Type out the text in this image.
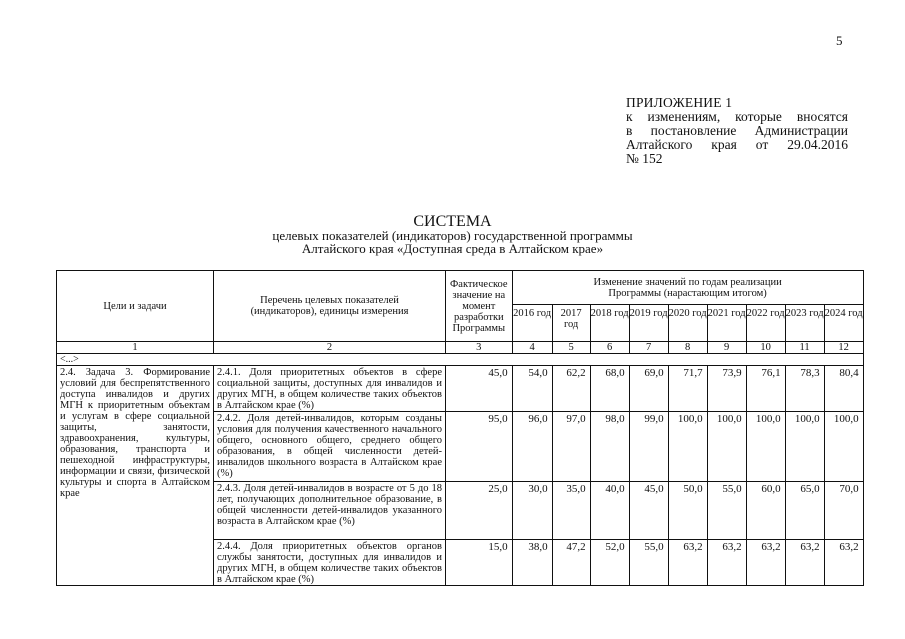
5
ПРИЛОЖЕНИЕ 1
к изменениям, которые вносятся
в постановление Администрации
Алтайского края от 29.04.2016
№ 152
СИСТЕМА
целевых показателей (индикаторов) государственной программы
Алтайского края «Доступная среда в Алтайском крае»
Цели и задачи	Перечень целевых показателей (индикаторов), единицы измерения	Фактическое значение на момент разработки Программы	Изменение значений по годам реализации Программы (нарастающим итогом)								
			2016 год	2017 год	2018 год	2019 год	2020 год	2021 год	2022 год	2023 год	2024 год
1	2	3	4	5	6	7	8	9	10	11	12
<...>											
2.4. Задача 3. Формирование условий для беспрепятственного доступа инвалидов и других МГН к приоритетным объектам и услугам в сфере социальной защиты, занятости, здравоохранения, культуры, образования, транспорта и пешеходной инфраструктуры, информации и связи, физической культуры и спорта в Алтайском крае	2.4.1. Доля приоритетных объектов в сфере социальной защиты, доступных для инвалидов и других МГН, в общем количестве таких объектов в Алтайском крае (%)	45,0	54,0	62,2	68,0	69,0	71,7	73,9	76,1	78,3	80,4
	2.4.2. Доля детей-инвалидов, которым созданы условия для получения качественного начального общего, основного общего, среднего общего образования, в общей численности детей-инвалидов школьного возраста в Алтайском крае (%)	95,0	96,0	97,0	98,0	99,0	100,0	100,0	100,0	100,0	100,0
	2.4.3. Доля детей-инвалидов в возрасте от 5 до 18 лет, получающих дополнительное образование, в общей численности детей-инвалидов указанного возраста в Алтайском крае (%)	25,0	30,0	35,0	40,0	45,0	50,0	55,0	60,0	65,0	70,0
	2.4.4. Доля приоритетных объектов органов службы занятости, доступных для инвалидов и других МГН, в общем количестве таких объектов в Алтайском крае (%)	15,0	38,0	47,2	52,0	55,0	63,2	63,2	63,2	63,2	63,2
